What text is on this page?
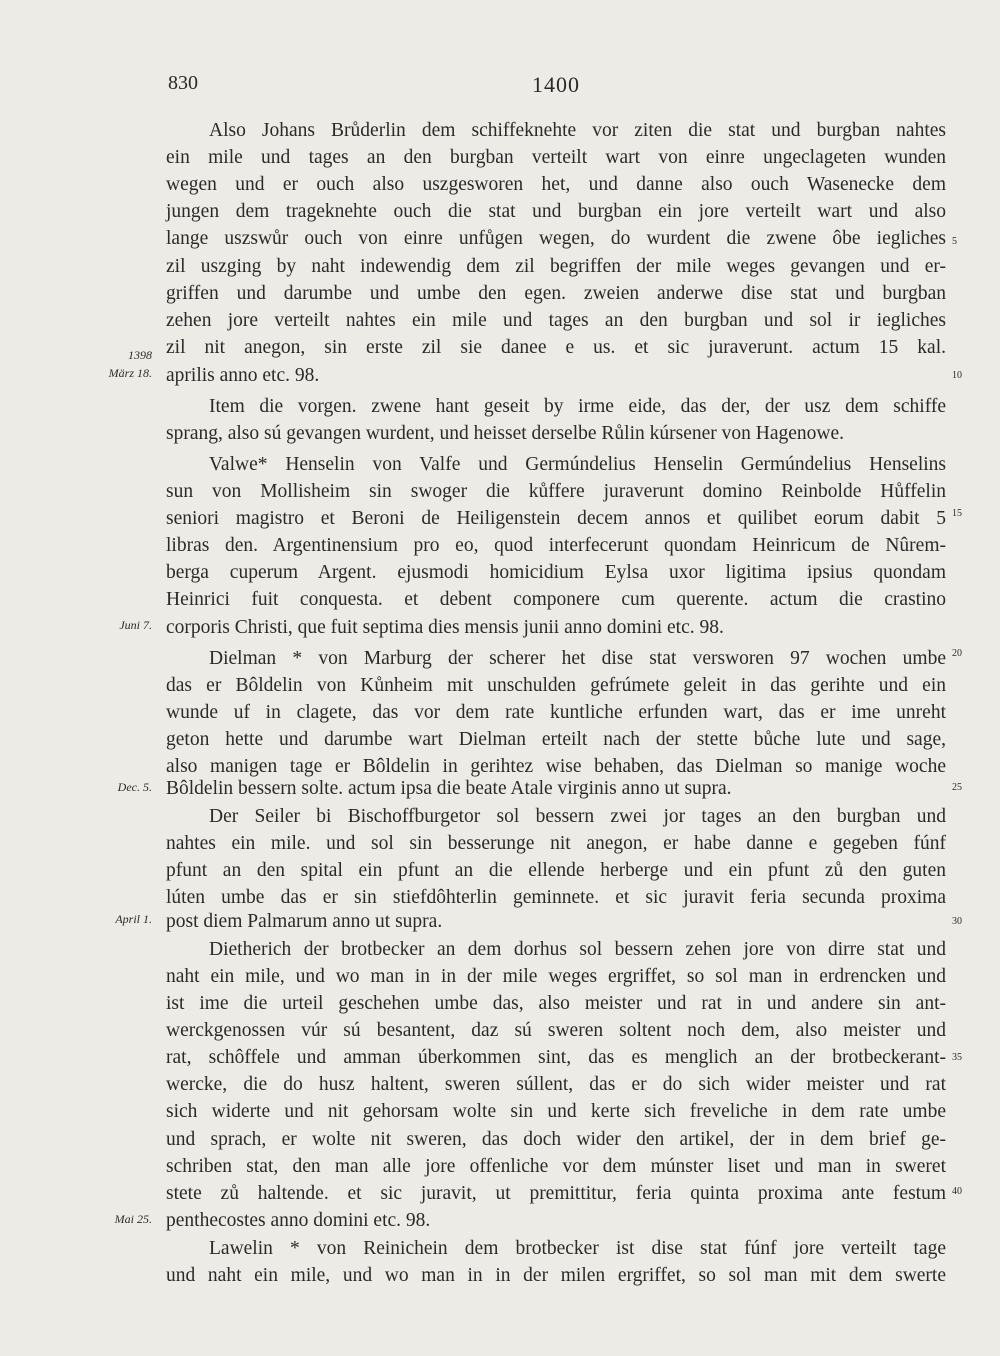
830	1400
Also Johans Brůderlin dem schiffeknehte vor ziten die stat und burgban nahtes
ein mile und tages an den burgban verteilt wart von einre ungeclageten wunden
wegen und er ouch also uszgesworen het, und danne also ouch Wasenecke dem
jungen dem trageknehte ouch die stat und burgban ein jore verteilt wart und also
lange uszswůr ouch von einre unfůgen wegen, do wurdent die zwene ôbe iegliches
zil uszging by naht indewendig dem zil begriffen der mile weges gevangen und er-
griffen und darumbe und umbe den egen. zweien anderwe dise stat und burgban
zehen jore verteilt nahtes ein mile und tages an den burgban und sol ir iegliches
zil nit anegon, sin erste zil sie danee e us. et sic juraverunt. actum 15 kal.
aprilis anno etc. 98.
Item die vorgen. zwene hant geseit by irme eide, das der, der usz dem schiffe
sprang, also sú gevangen wurdent, und heisset derselbe Růlin kúrsener von Hagenowe.
Valwe* Henselin von Valfe und Germúndelius Henselin Germúndelius Henselins
sun von Mollisheim sin swoger die kůffere juraverunt domino Reinbolde Hůffelin
seniori magistro et Beroni de Heiligenstein decem annos et quilibet eorum dabit 5
libras den. Argentinensium pro eo, quod interfecerunt quondam Heinricum de Nûrem-
berga cuperum Argent. ejusmodi homicidium Eylsa uxor ligitima ipsius quondam
Heinrici fuit conquesta. et debent componere cum querente. actum die crastino
corporis Christi, que fuit septima dies mensis junii anno domini etc. 98.
Dielman * von Marburg der scherer het dise stat versworen 97 wochen umbe
das er Bôldelin von Kůnheim mit unschulden gefrúmete geleit in das gerihte und ein
wunde uf in clagete, das vor dem rate kuntliche erfunden wart, das er ime unreht
geton hette und darumbe wart Dielman erteilt nach der stette bůche lute und sage,
also manigen tage er Bôldelin in gerihtez wise behaben, das Dielman so manige woche
Bôldelin bessern solte. actum ipsa die beate Atale virginis anno ut supra.
Der Seiler bi Bischoffburgetor sol bessern zwei jor tages an den burgban und
nahtes ein mile. und sol sin besserunge nit anegon, er habe danne e gegeben fúnf
pfunt an den spital ein pfunt an die ellende herberge und ein pfunt zů den guten
lúten umbe das er sin stiefdôhterlin geminnete. et sic juravit feria secunda proxima
post diem Palmarum anno ut supra.
Dietherich der brotbecker an dem dorhus sol bessern zehen jore von dirre stat und
naht ein mile, und wo man in in der mile weges ergriffet, so sol man in erdrencken und
ist ime die urteil geschehen umbe das, also meister und rat in und andere sin ant-
werckgenossen vúr sú besantent, daz sú sweren soltent noch dem, also meister und
rat, schôffele und amman úberkommen sint, das es menglich an der brotbeckerant-
wercke, die do husz haltent, sweren súllent, das er do sich wider meister und rat
sich widerte und nit gehorsam wolte sin und kerte sich freveliche in dem rate umbe
und sprach, er wolte nit sweren, das doch wider den artikel, der in dem brief ge-
schriben stat, den man alle jore offenliche vor dem múnster liset und man in sweret
stete zů haltende. et sic juravit, ut premittitur, feria quinta proxima ante festum
penthecostes anno domini etc. 98.
Lawelin * von Reinichein dem brotbecker ist dise stat fúnf jore verteilt tage
und naht ein mile, und wo man in in der milen ergriffet, so sol man mit dem swerte
1398
März 18.
Juni 7.
Dec. 5.
April 1.
Mai 25.
5
10
15
20
25
30
35
40
